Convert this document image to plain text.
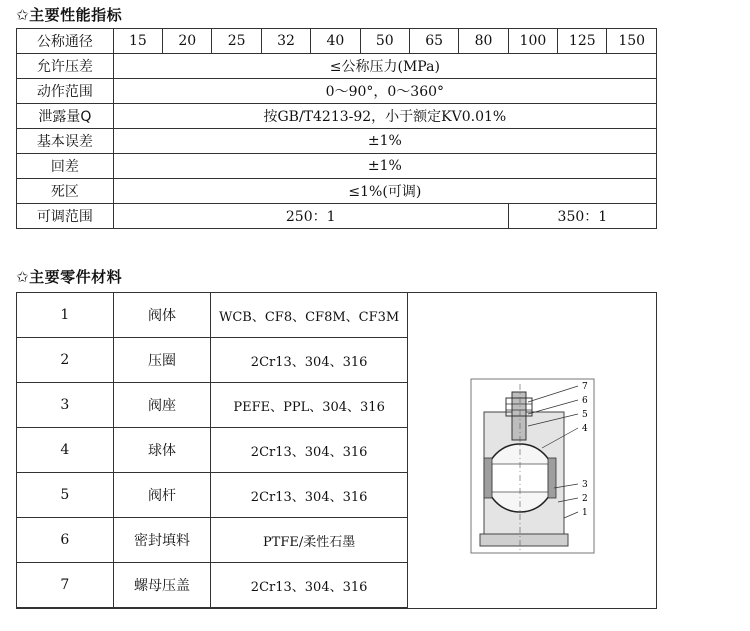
✩主要性能指标
公称通径	15	20	25	32	40	50	65	80	100	125	150
允许压差	≤公称压力(MPa)										
动作范围	0～90°，0～360°										
泄露量Q	按GB/T4213-92，小于额定KV0.01%										
基本误差	±1%										
回差	±1%										
死区	≤1%(可调)										
可调范围	250：1								350：1		
✩主要零件材料
1	阀体	WCB、CF8、CF8M、CF3M
2	压圈	2Cr13、304、316
3	阀座	PEFE、PPL、304、316
4	球体	2Cr13、304、316
5	阀杆	2Cr13、304、316
6	密封填料	PTFE/柔性石墨
7	螺母压盖	2Cr13、304、316
7
6
5
4
3
2
1
